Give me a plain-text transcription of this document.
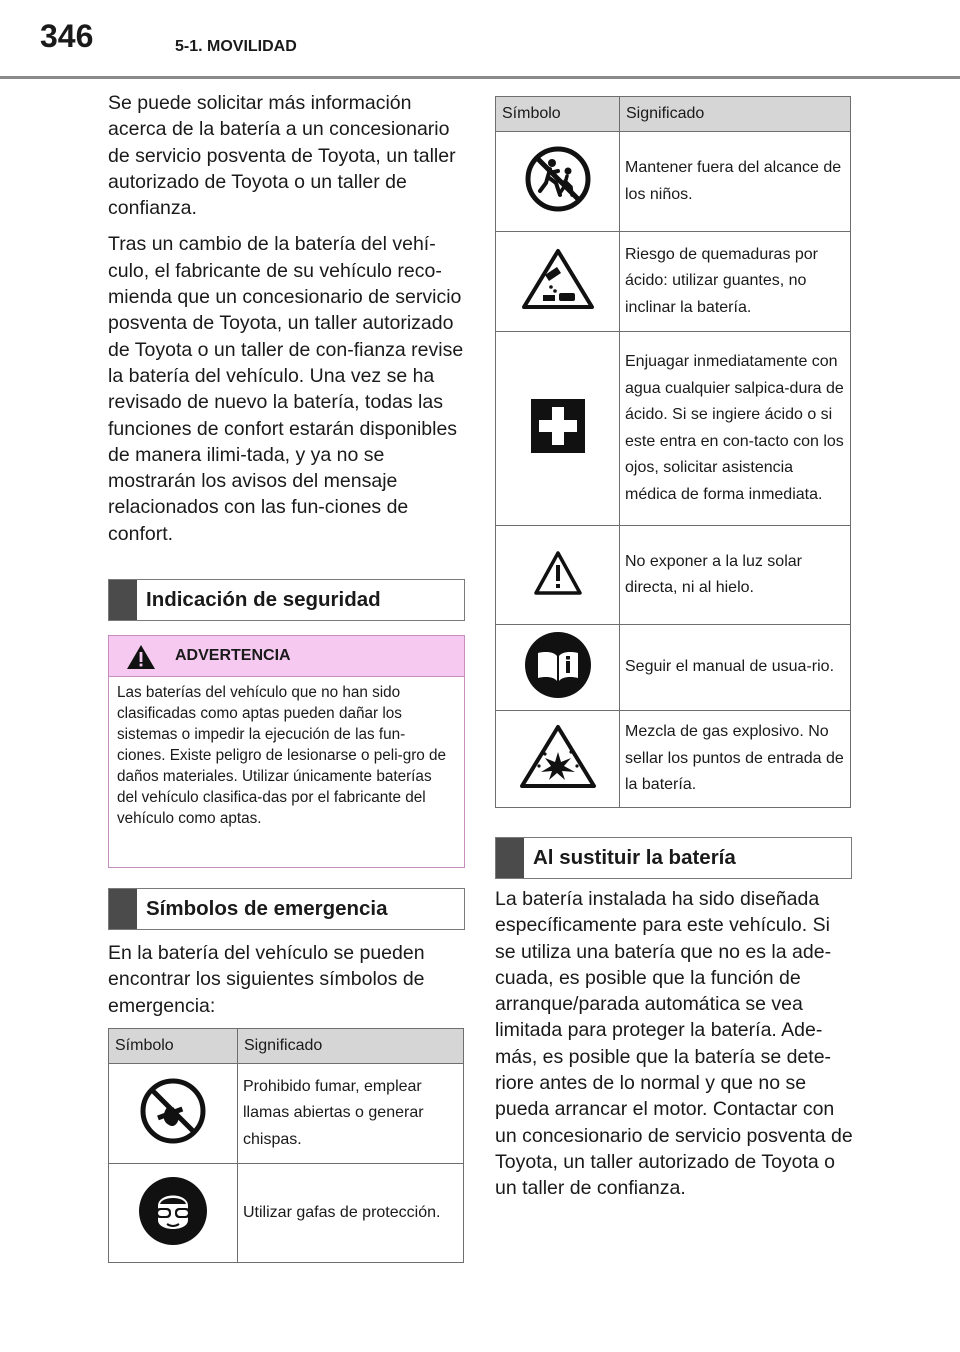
346	5-1. MOVILIDAD

Se puede solicitar más información acerca de la batería a un concesionario de servicio posventa de Toyota, un taller autorizado de Toyota o un taller de confianza.

Tras un cambio de la batería del vehí-culo, el fabricante de su vehículo reco-mienda que un concesionario de servicio posventa de Toyota, un taller autorizado de Toyota o un taller de con-fianza revise la batería del vehículo. Una vez se ha revisado de nuevo la batería, todas las funciones de confort estarán disponibles de manera ilimi-tada, y ya no se mostrarán los avisos del mensaje relacionados con las fun-ciones de confort.

Indicación de seguridad
ADVERTENCIA
Las baterías del vehículo que no han sido clasificadas como aptas pueden dañar los sistemas o impedir la ejecución de las fun-ciones. Existe peligro de lesionarse o peli-gro de daños materiales. Utilizar únicamente baterías del vehículo clasifica-das por el fabricante del vehículo como aptas.
Símbolos de emergencia

En la batería del vehículo se pueden encontrar los siguientes símbolos de emergencia:

Símbolo	Significado
	Prohibido fumar, emplear llamas abiertas o generar chispas.
	Utilizar gafas de protección.
Símbolo	Significado
	Mantener fuera del alcance de los niños.
	Riesgo de quemaduras por ácido: utilizar guantes, no inclinar la batería.
	Enjuagar inmediatamente con agua cualquier salpica-dura de ácido. Si se ingiere ácido o si este entra en con-tacto con los ojos, solicitar asistencia médica de forma inmediata.
	No exponer a la luz solar directa, ni al hielo.
	Seguir el manual de usua-rio.
	Mezcla de gas explosivo. No sellar los puntos de entrada de la batería.
Al sustituir la batería

La batería instalada ha sido diseñada específicamente para este vehículo. Si se utiliza una batería que no es la ade-cuada, es posible que la función de arranque/parada automática se vea limitada para proteger la batería. Ade-más, es posible que la batería se dete-riore antes de lo normal y que no se pueda arrancar el motor. Contactar con un concesionario de servicio posventa de Toyota, un taller autorizado de Toyota o un taller de confianza.
